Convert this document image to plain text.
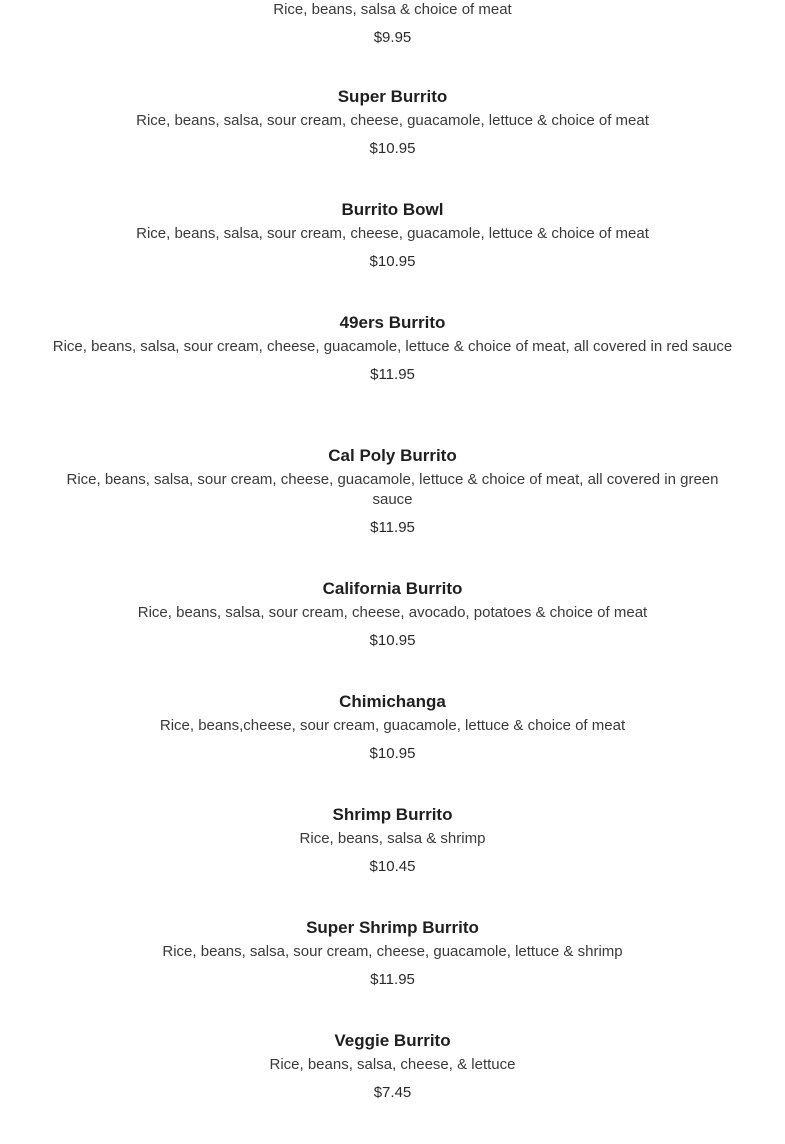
Rice, beans, salsa & choice of meat

$9.95

Super Burrito

Rice, beans, salsa, sour cream, cheese, guacamole, lettuce & choice of meat

$10.95

Burrito Bowl

Rice, beans, salsa, sour cream, cheese, guacamole, lettuce & choice of meat

$10.95

49ers Burrito

Rice, beans, salsa, sour cream, cheese, guacamole, lettuce & choice of meat, all covered in red sauce

$11.95

Cal Poly Burrito

Rice, beans, salsa, sour cream, cheese, guacamole, lettuce & choice of meat, all covered in green sauce

$11.95

California Burrito

Rice, beans, salsa, sour cream, cheese, avocado, potatoes & choice of meat

$10.95

Chimichanga

Rice, beans,cheese, sour cream, guacamole, lettuce & choice of meat

$10.95

Shrimp Burrito

Rice, beans, salsa & shrimp

$10.45

Super Shrimp Burrito

Rice, beans, salsa, sour cream, cheese, guacamole, lettuce & shrimp

$11.95

Veggie Burrito

Rice, beans, salsa, cheese, & lettuce

$7.45
